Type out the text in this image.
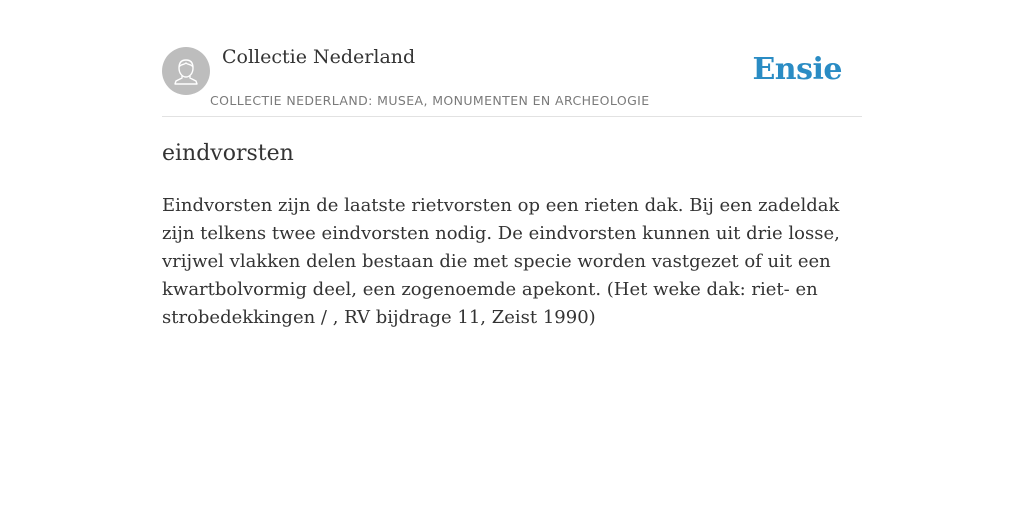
Collectie Nederland
COLLECTIE NEDERLAND: MUSEA, MONUMENTEN EN ARCHEOLOGIE
Ensie
eindvorsten

Eindvorsten zijn de laatste rietvorsten op een rieten dak. Bij een zadeldak zijn telkens twee eindvorsten nodig. De eindvorsten kunnen uit drie losse, vrijwel vlakken delen bestaan die met specie worden vastgezet of uit een kwartbolvormig deel, een zogenoemde apekont. (Het weke dak: riet- en strobedekkingen / , RV bijdrage 11, Zeist 1990)
